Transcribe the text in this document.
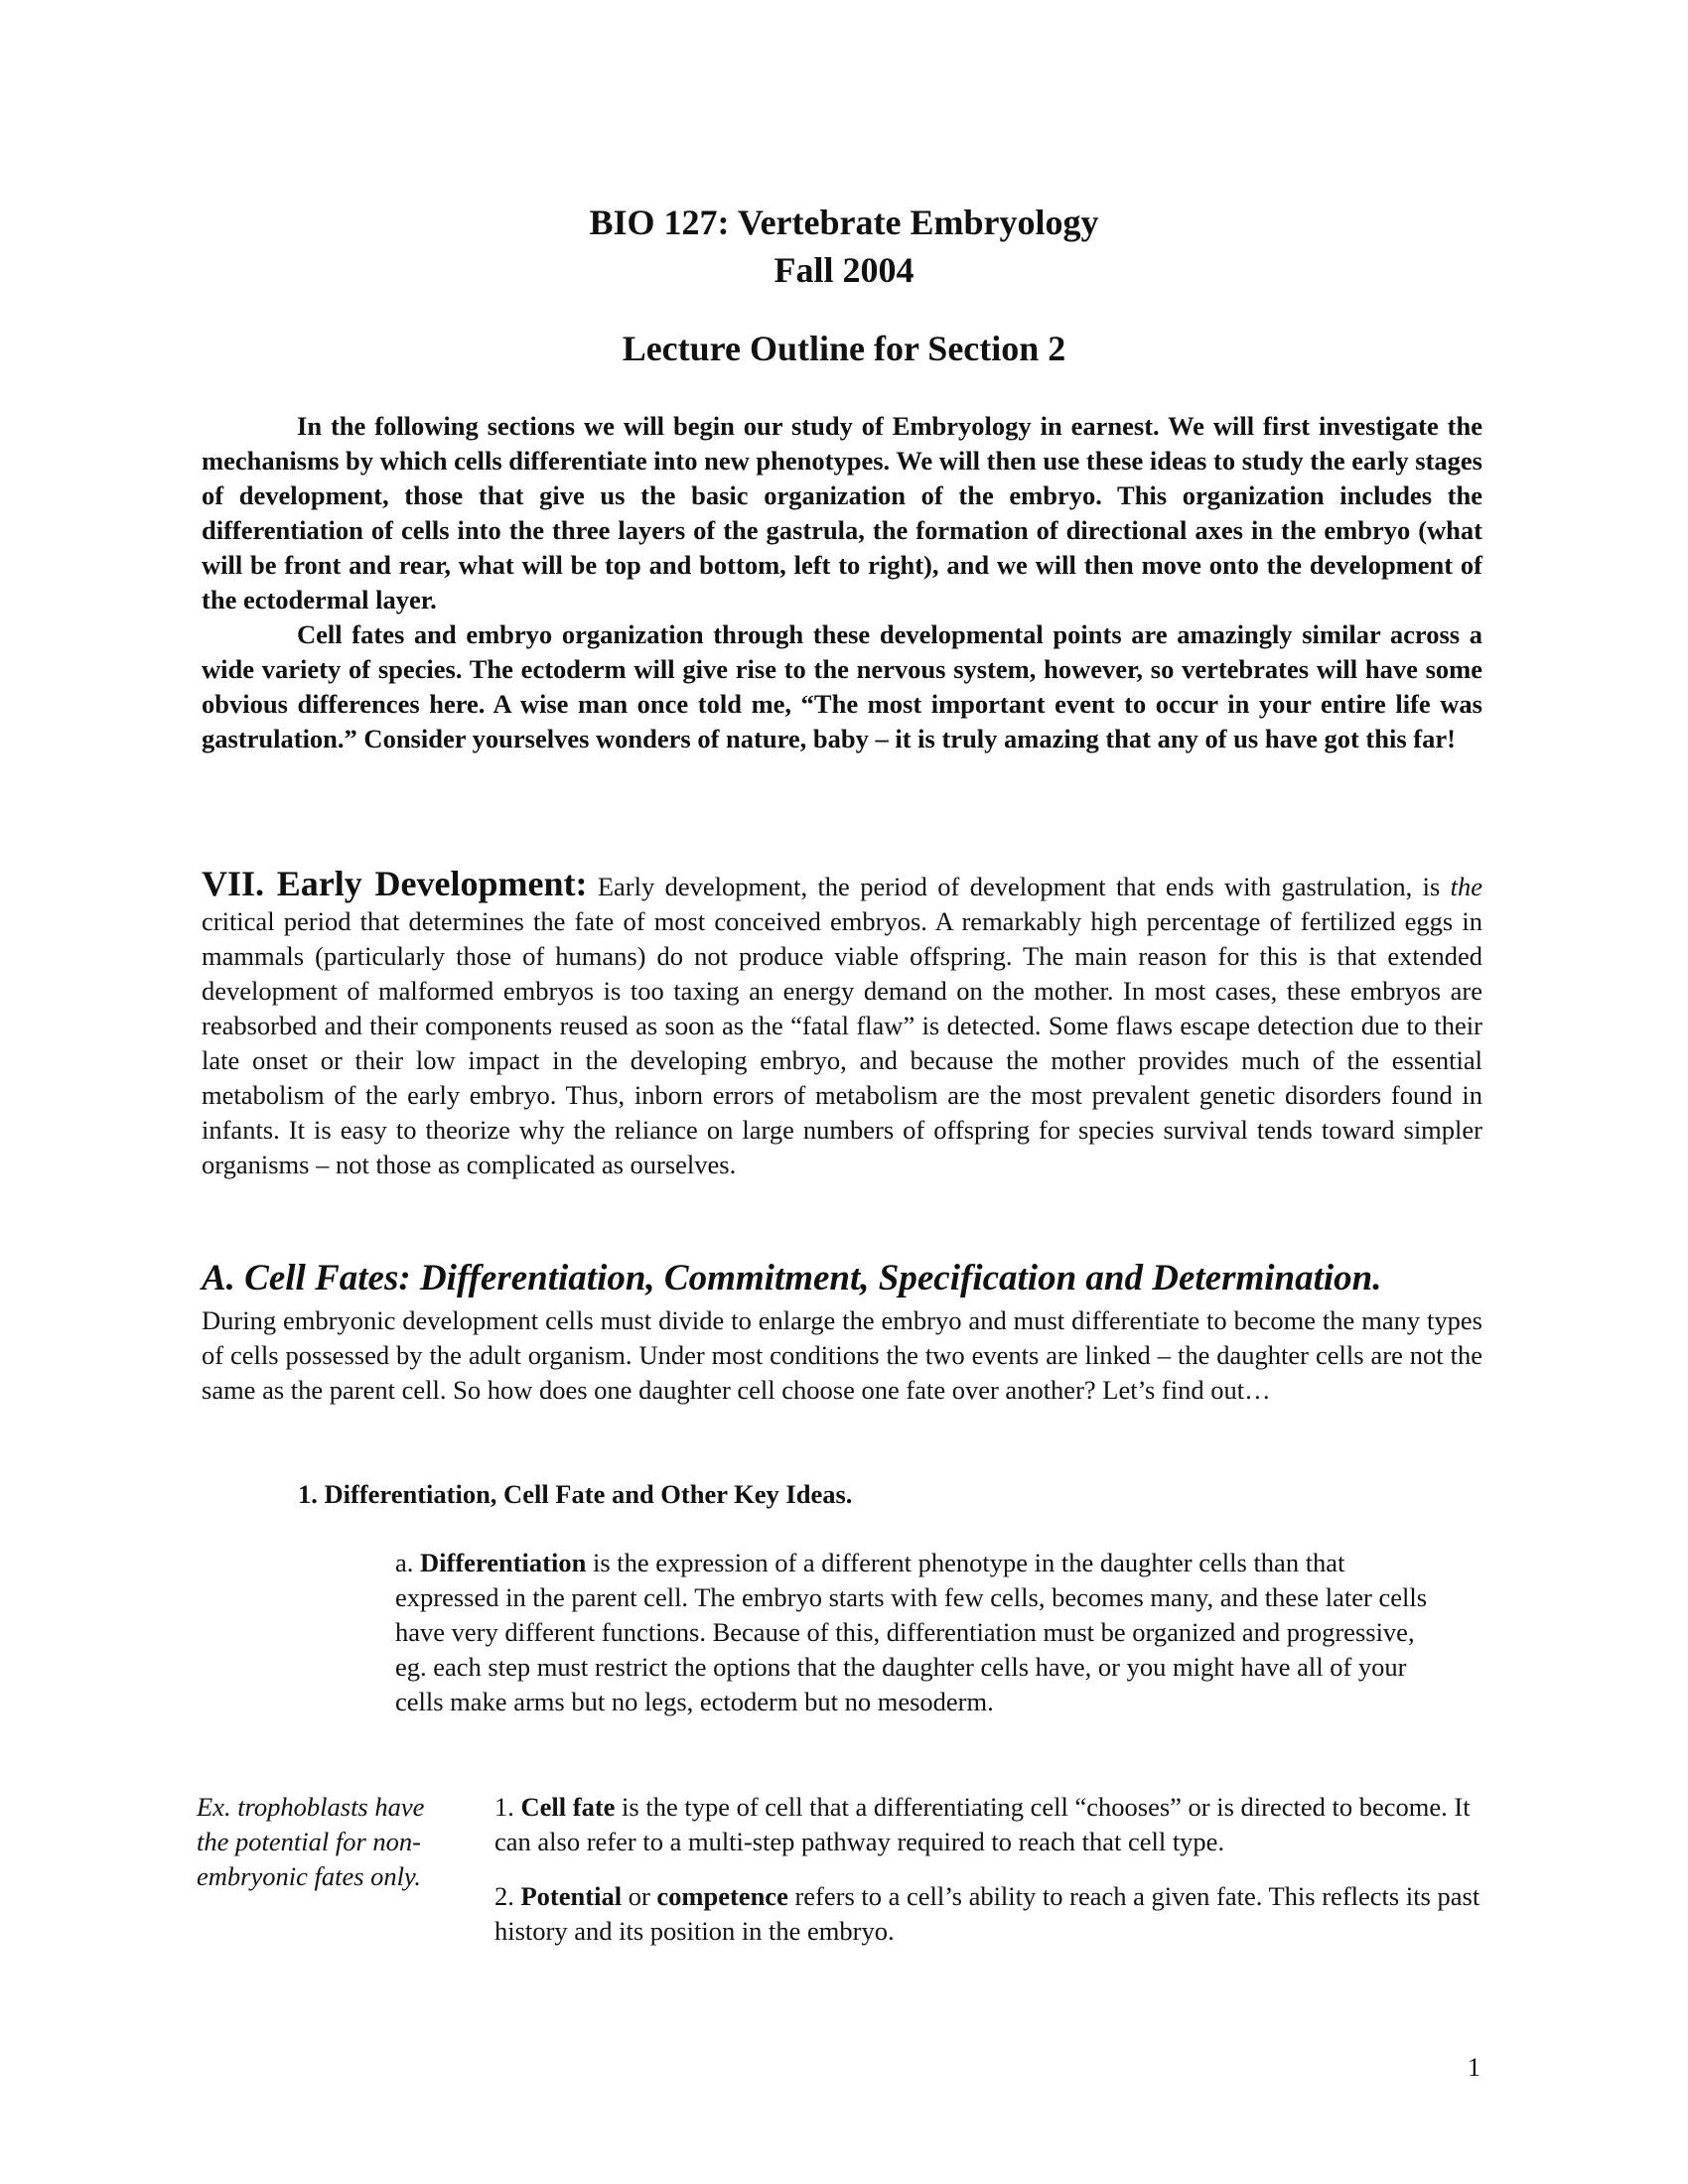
BIO 127: Vertebrate Embryology
Fall 2004
Lecture Outline for Section 2

In the following sections we will begin our study of Embryology in earnest. We will first investigate the mechanisms by which cells differentiate into new phenotypes. We will then use these ideas to study the early stages of development, those that give us the basic organization of the embryo. This organization includes the differentiation of cells into the three layers of the gastrula, the formation of directional axes in the embryo (what will be front and rear, what will be top and bottom, left to right), and we will then move onto the development of the ectodermal layer.

Cell fates and embryo organization through these developmental points are amazingly similar across a wide variety of species. The ectoderm will give rise to the nervous system, however, so vertebrates will have some obvious differences here. A wise man once told me, “The most important event to occur in your entire life was gastrulation.” Consider yourselves wonders of nature, baby – it is truly amazing that any of us have got this far!

VII. Early Development: Early development, the period of development that ends with gastrulation, is the critical period that determines the fate of most conceived embryos. A remarkably high percentage of fertilized eggs in mammals (particularly those of humans) do not produce viable offspring. The main reason for this is that extended development of malformed embryos is too taxing an energy demand on the mother. In most cases, these embryos are reabsorbed and their components reused as soon as the “fatal flaw” is detected. Some flaws escape detection due to their late onset or their low impact in the developing embryo, and because the mother provides much of the essential metabolism of the early embryo. Thus, inborn errors of metabolism are the most prevalent genetic disorders found in infants. It is easy to theorize why the reliance on large numbers of offspring for species survival tends toward simpler organisms – not those as complicated as ourselves.
A. Cell Fates: Differentiation, Commitment, Specification and Determination.
During embryonic development cells must divide to enlarge the embryo and must differentiate to become the many types of cells possessed by the adult organism. Under most conditions the two events are linked – the daughter cells are not the same as the parent cell. So how does one daughter cell choose one fate over another? Let’s find out…
1. Differentiation, Cell Fate and Other Key Ideas.
a. Differentiation is the expression of a different phenotype in the daughter cells than that expressed in the parent cell. The embryo starts with few cells, becomes many, and these later cells have very different functions. Because of this, differentiation must be organized and progressive, eg. each step must restrict the options that the daughter cells have, or you might have all of your cells make arms but no legs, ectoderm but no mesoderm.
Ex. trophoblasts have the potential for non-embryonic fates only.
1. Cell fate is the type of cell that a differentiating cell “chooses” or is directed to become. It can also refer to a multi-step pathway required to reach that cell type.
2. Potential or competence refers to a cell’s ability to reach a given fate. This reflects its past history and its position in the embryo.
1
